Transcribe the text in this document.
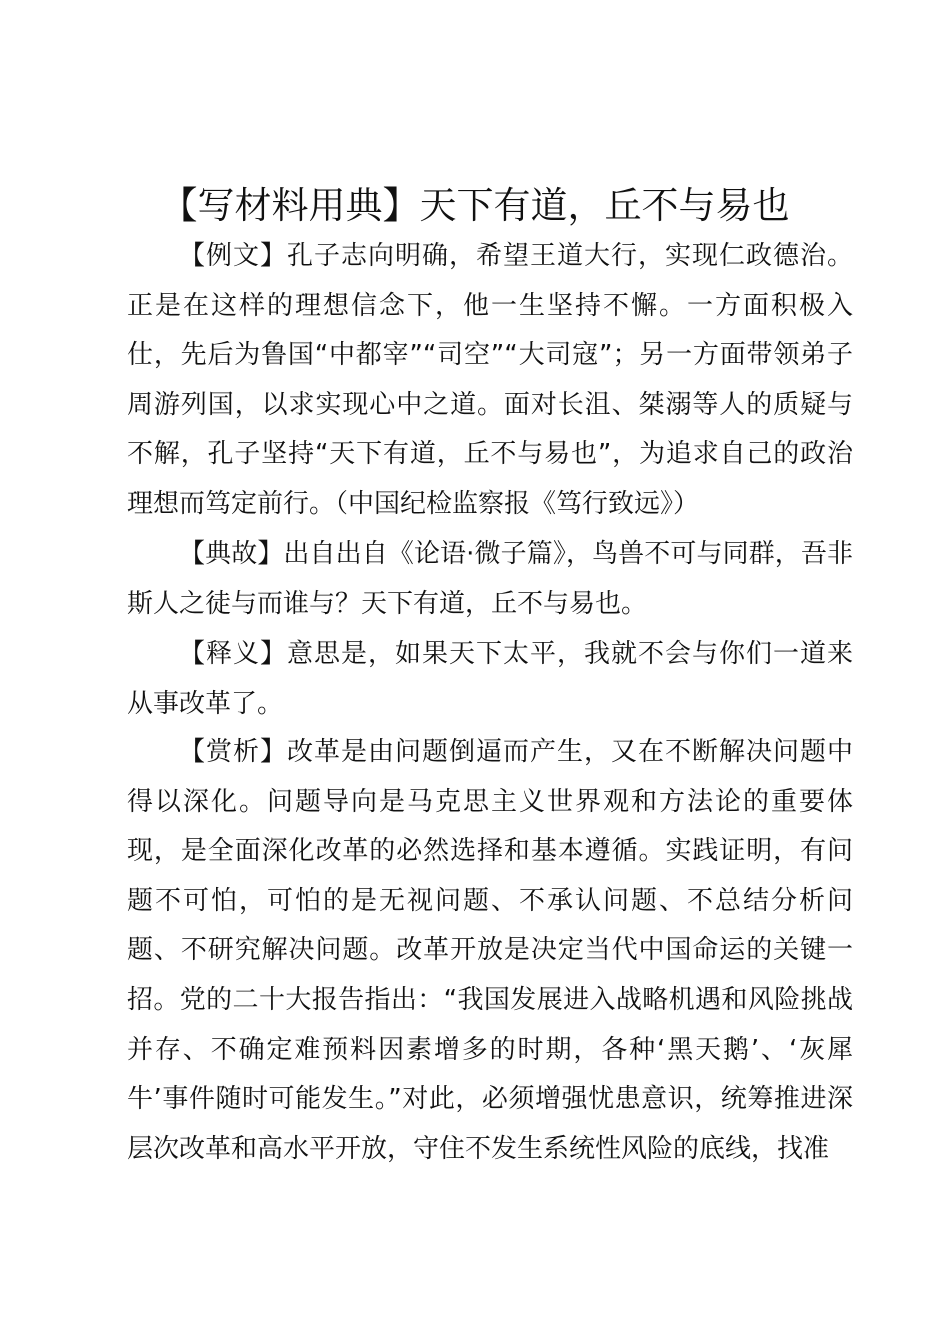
【写材料用典】天下有道，丘不与易也

【例文】孔子志向明确，希望王道大行，实现仁政德治。正是在这样的理想信念下，他一生坚持不懈。一方面积极入仕，先后为鲁国“中都宰”“司空”“大司寇”；另一方面带领弟子周游列国，以求实现心中之道。面对长沮、桀溺等人的质疑与不解，孔子坚持“天下有道，丘不与易也”，为追求自己的政治理想而笃定前行。（中国纪检监察报《笃行致远》）

【典故】出自出自《论语·微子篇》，鸟兽不可与同群，吾非斯人之徒与而谁与？天下有道，丘不与易也。

【释义】意思是，如果天下太平，我就不会与你们一道来从事改革了。

【赏析】改革是由问题倒逼而产生，又在不断解决问题中得以深化。问题导向是马克思主义世界观和方法论的重要体现，是全面深化改革的必然选择和基本遵循。实践证明，有问题不可怕，可怕的是无视问题、不承认问题、不总结分析问题、不研究解决问题。改革开放是决定当代中国命运的关键一招。党的二十大报告指出：“我国发展进入战略机遇和风险挑战并存、不确定难预料因素增多的时期，各种‘黑天鹅’、‘灰犀牛’事件随时可能发生。”对此，必须增强忧患意识，统筹推进深层次改革和高水平开放，守住不发生系统性风险的底线，找准
